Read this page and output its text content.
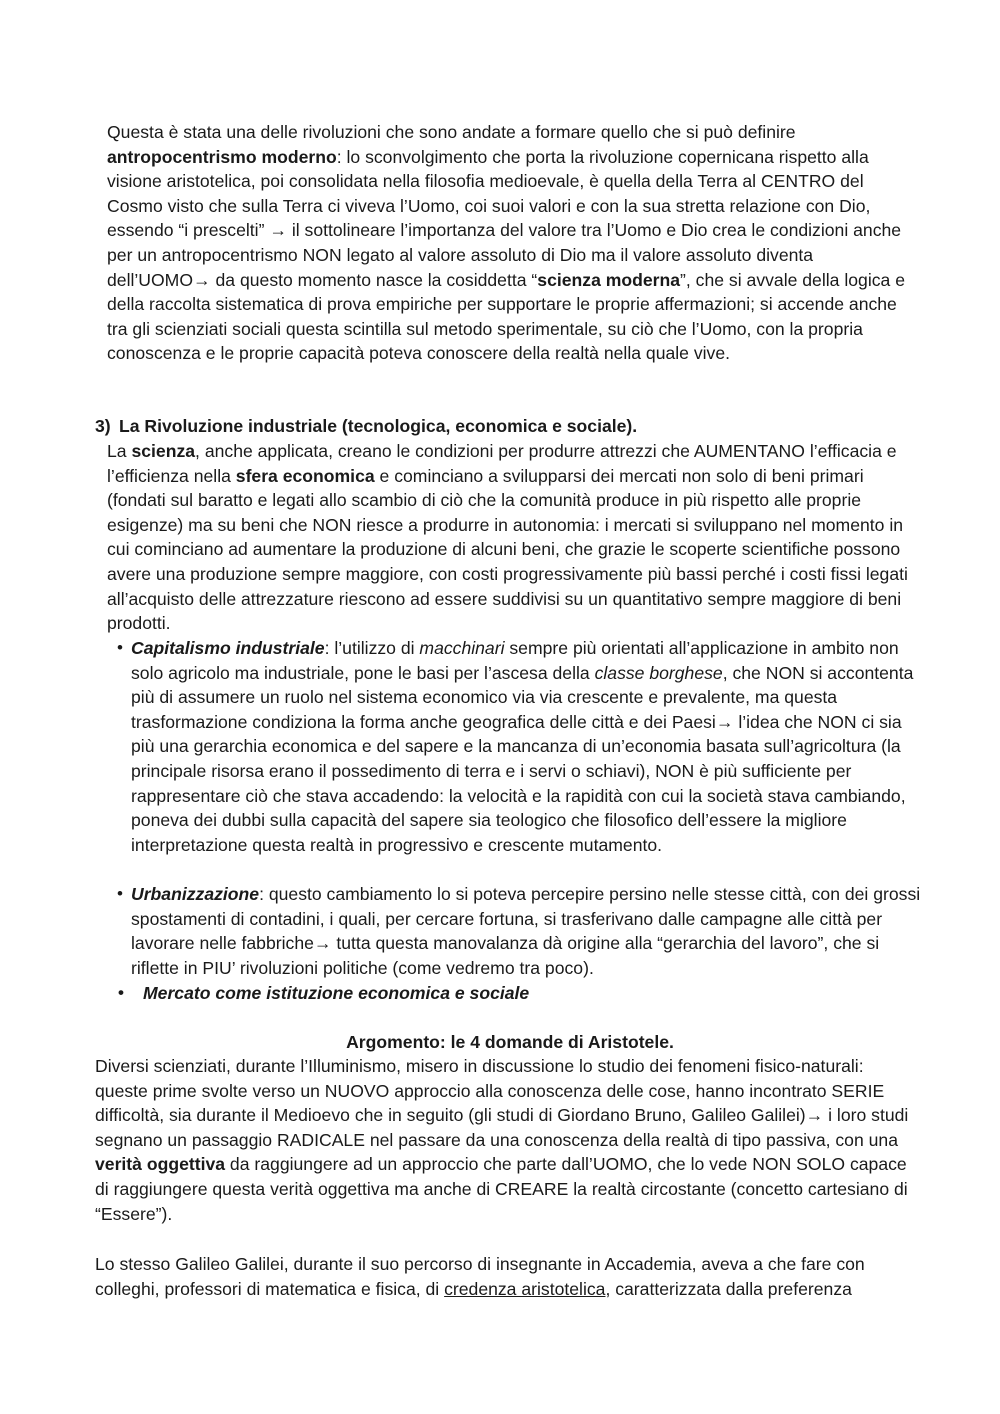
Questa è stata una delle rivoluzioni che sono andate a formare quello che si può definire antropocentrismo moderno: lo sconvolgimento che porta la rivoluzione copernicana rispetto alla visione aristotelica, poi consolidata nella filosofia medioevale, è quella della Terra al CENTRO del Cosmo visto che sulla Terra ci viveva l’Uomo, coi suoi valori e con la sua stretta relazione con Dio, essendo “i prescelti” → il sottolineare l’importanza del valore tra l’Uomo e Dio crea le condizioni anche per un antropocentrismo NON legato al valore assoluto di Dio ma il valore assoluto diventa dell’UOMO→ da questo momento nasce la cosiddetta “scienza moderna”, che si avvale della logica e della raccolta sistematica di prova empiriche per supportare le proprie affermazioni; si accende anche tra gli scienziati sociali questa scintilla sul metodo sperimentale, su ciò che l’Uomo, con la propria conoscenza e le proprie capacità poteva conoscere della realtà nella quale vive.

3) La Rivoluzione industriale (tecnologica, economica e sociale).

La scienza, anche applicata, creano le condizioni per produrre attrezzi che AUMENTANO l’efficacia e l’efficienza nella sfera economica e cominciano a svilupparsi dei mercati non solo di beni primari (fondati sul baratto e legati allo scambio di ciò che la comunità produce in più rispetto alle proprie esigenze) ma su beni che NON riesce a produrre in autonomia: i mercati si sviluppano nel momento in cui cominciano ad aumentare la produzione di alcuni beni, che grazie le scoperte scientifiche possono avere una produzione sempre maggiore, con costi progressivamente più bassi perché i costi fissi legati all’acquisto delle attrezzature riescono ad essere suddivisi su un quantitativo sempre maggiore di beni prodotti.

• Capitalismo industriale: l’utilizzo di macchinari sempre più orientati all’applicazione in ambito non solo agricolo ma industriale, pone le basi per l’ascesa della classe borghese, che NON si accontenta più di assumere un ruolo nel sistema economico via via crescente e prevalente, ma questa trasformazione condiziona la forma anche geografica delle città e dei Paesi→ l’idea che NON ci sia più una gerarchia economica e del sapere e la mancanza di un’economia basata sull’agricoltura (la principale risorsa erano il possedimento di terra e i servi o schiavi), NON è più sufficiente per rappresentare ciò che stava accadendo: la velocità e la rapidità con cui la società stava cambiando, poneva dei dubbi sulla capacità del sapere sia teologico che filosofico dell’essere la migliore interpretazione questa realtà in progressivo e crescente mutamento.

• Urbanizzazione: questo cambiamento lo si poteva percepire persino nelle stesse città, con dei grossi spostamenti di contadini, i quali, per cercare fortuna, si trasferivano dalle campagne alle città per lavorare nelle fabbriche→ tutta questa manovalanza dà origine alla “gerarchia del lavoro”, che si riflette in PIU’ rivoluzioni politiche (come vedremo tra poco).

• Mercato come istituzione economica e sociale

Argomento: le 4 domande di Aristotele.

Diversi scienziati, durante l’Illuminismo, misero in discussione lo studio dei fenomeni fisico-naturali: queste prime svolte verso un NUOVO approccio alla conoscenza delle cose, hanno incontrato SERIE difficoltà, sia durante il Medioevo che in seguito (gli studi di Giordano Bruno, Galileo Galilei)→ i loro studi segnano un passaggio RADICALE nel passare da una conoscenza della realtà di tipo passiva, con una verità oggettiva da raggiungere ad un approccio che parte dall’UOMO, che lo vede NON SOLO capace di raggiungere questa verità oggettiva ma anche di CREARE la realtà circostante (concetto cartesiano di “Essere”).

Lo stesso Galileo Galilei, durante il suo percorso di insegnante in Accademia, aveva a che fare con colleghi, professori di matematica e fisica, di credenza aristotelica, caratterizzata dalla preferenza
